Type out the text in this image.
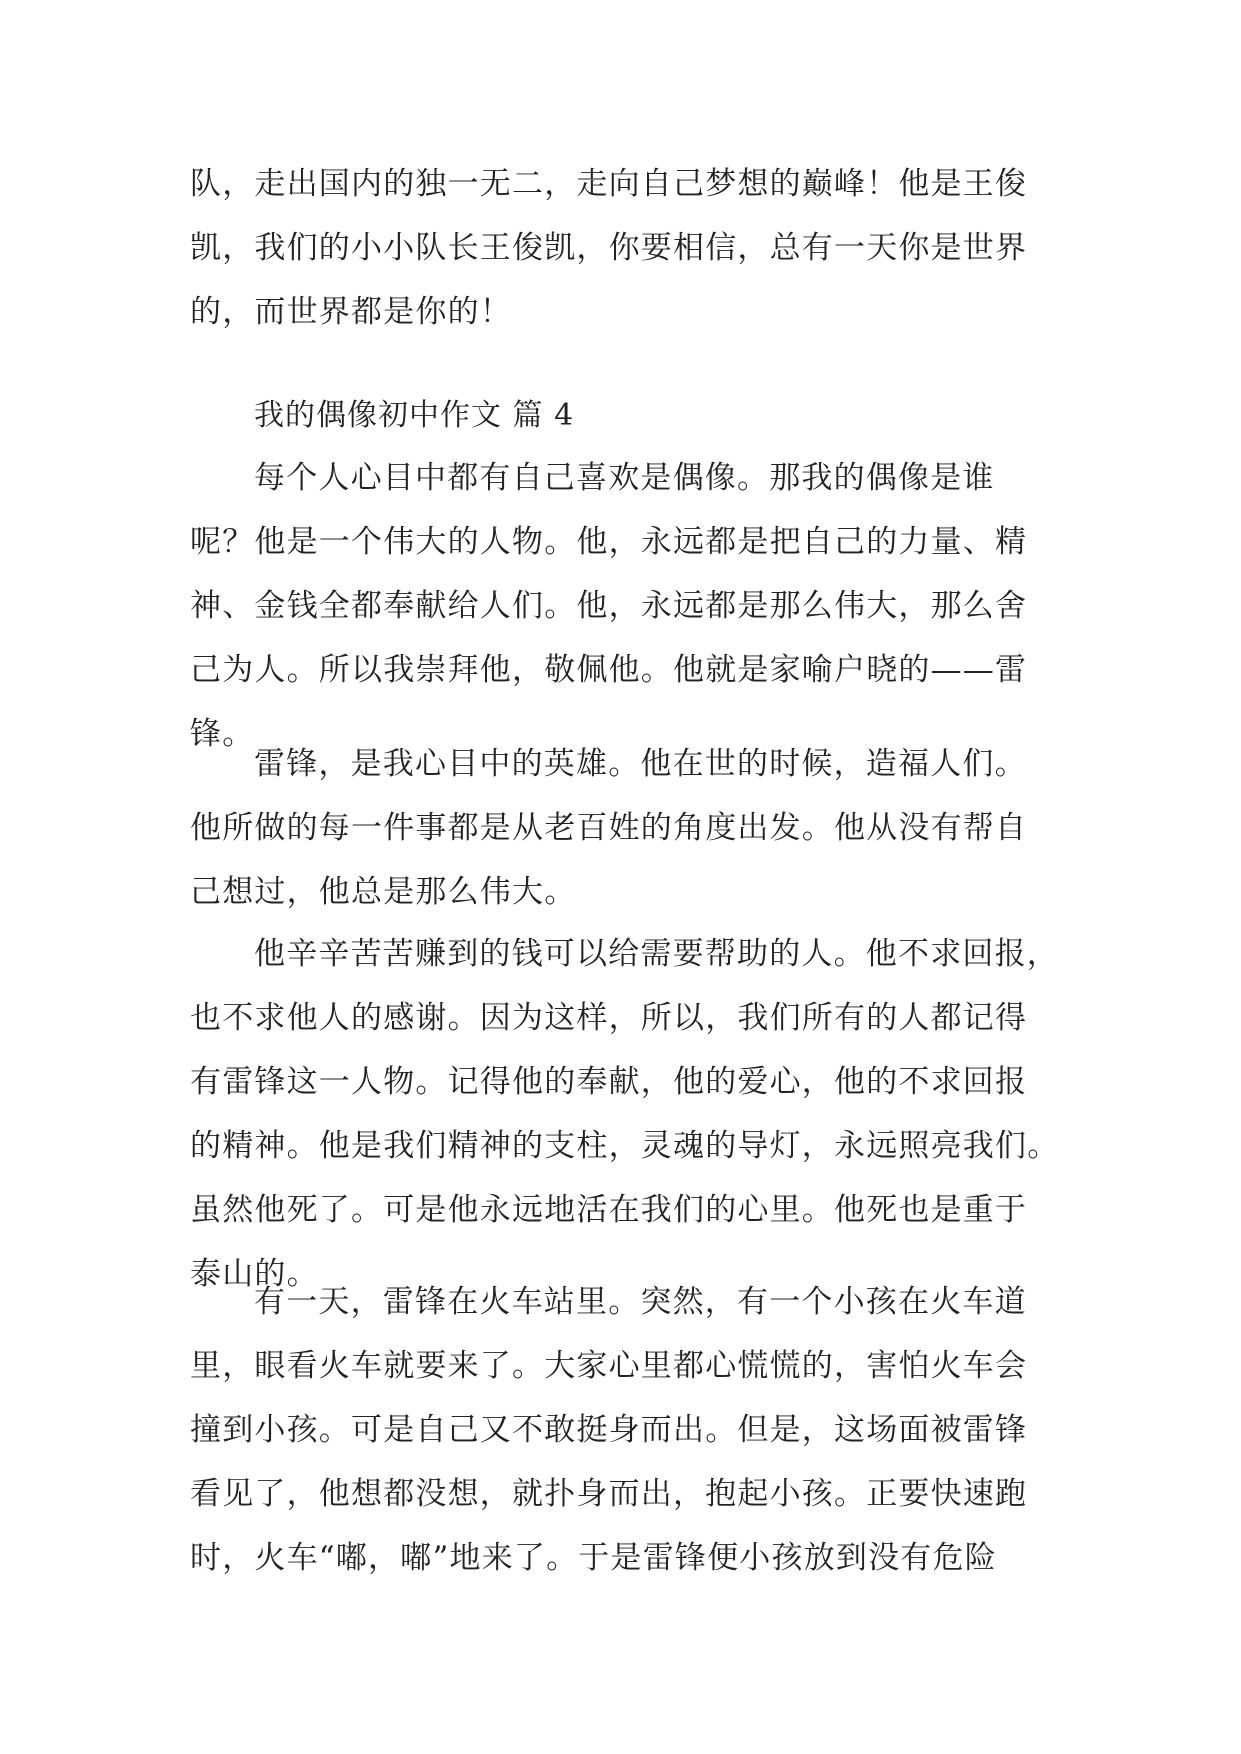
队，走出国内的独一无二，走向自己梦想的巅峰！他是王俊
凯，我们的小小队长王俊凯，你要相信，总有一天你是世界
的，而世界都是你的！
我的偶像初中作文 篇 4
每个人心目中都有自己喜欢是偶像。那我的偶像是谁
呢？他是一个伟大的人物。他，永远都是把自己的力量、精
神、金钱全都奉献给人们。他，永远都是那么伟大，那么舍
己为人。所以我崇拜他，敬佩他。他就是家喻户晓的——雷
锋。
雷锋，是我心目中的英雄。他在世的时候，造福人们。
他所做的每一件事都是从老百姓的角度出发。他从没有帮自
己想过，他总是那么伟大。
他辛辛苦苦赚到的钱可以给需要帮助的人。他不求回报，
也不求他人的感谢。因为这样，所以，我们所有的人都记得
有雷锋这一人物。记得他的奉献，他的爱心，他的不求回报
的精神。他是我们精神的支柱，灵魂的导灯，永远照亮我们。
虽然他死了。可是他永远地活在我们的心里。他死也是重于
泰山的。
有一天，雷锋在火车站里。突然，有一个小孩在火车道
里，眼看火车就要来了。大家心里都心慌慌的，害怕火车会
撞到小孩。可是自己又不敢挺身而出。但是，这场面被雷锋
看见了，他想都没想，就扑身而出，抱起小孩。正要快速跑
时，火车“嘟，嘟”地来了。于是雷锋便小孩放到没有危险
